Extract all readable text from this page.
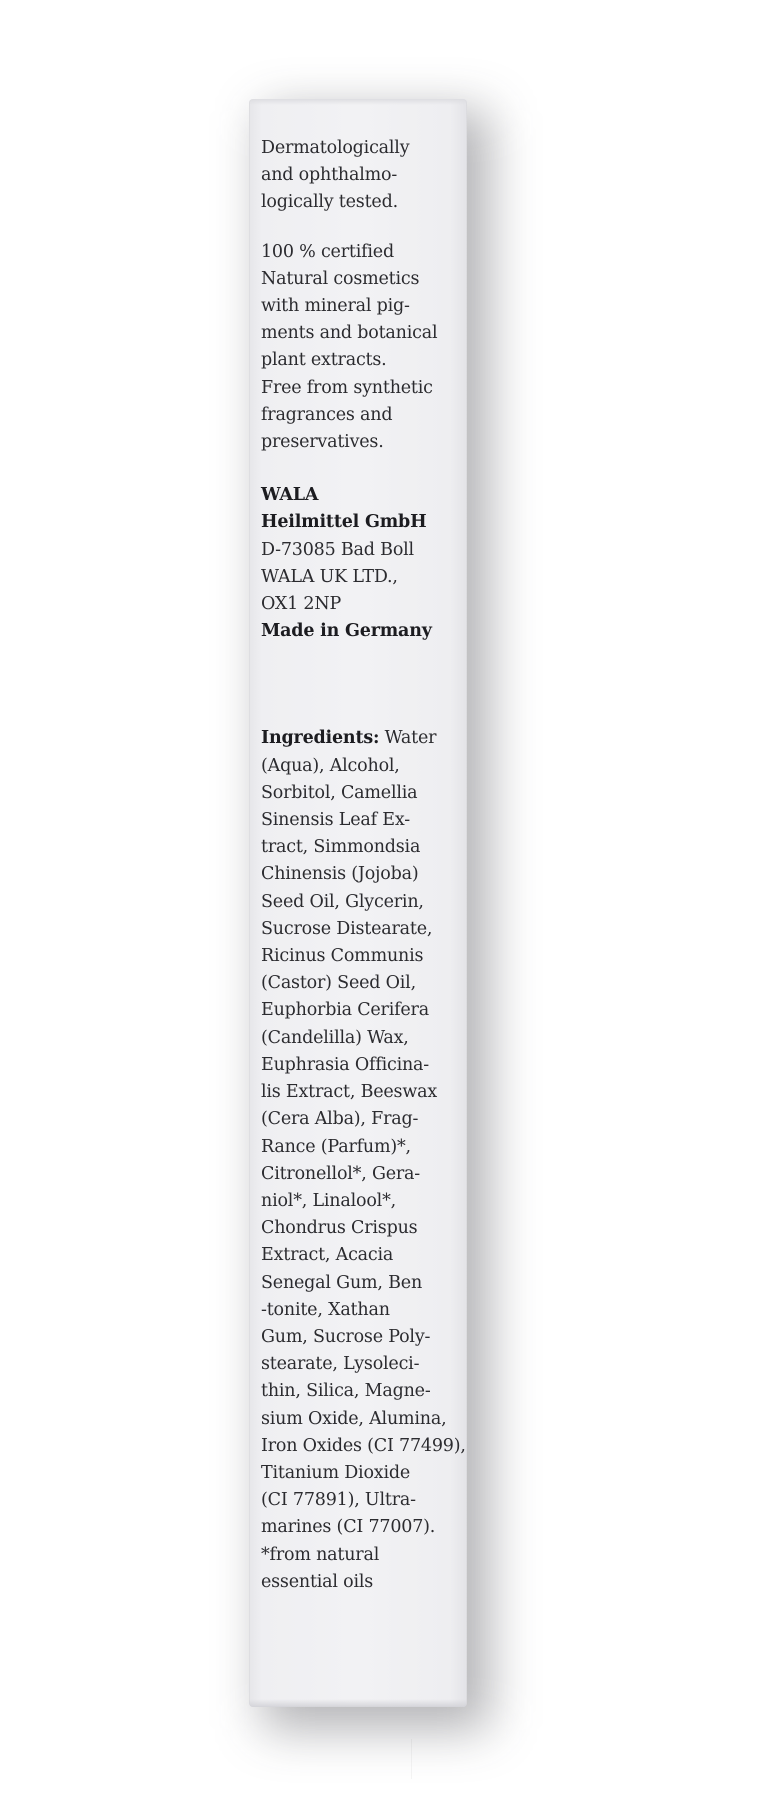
Dermatologically
and ophthalmo-
logically tested.

100 % certified
Natural cosmetics
with mineral pig-
ments and botanical
plant extracts.
Free from synthetic
fragrances and
preservatives.

WALA
Heilmittel GmbH
D-73085 Bad Boll
WALA UK LTD.,
OX1 2NP
Made in Germany

Ingredients: Water
(Aqua), Alcohol,
Sorbitol, Camellia
Sinensis Leaf Ex-
tract, Simmondsia
Chinensis (Jojoba)
Seed Oil, Glycerin,
Sucrose Distearate,
Ricinus Communis
(Castor) Seed Oil,
Euphorbia Cerifera
(Candelilla) Wax,
Euphrasia Officina-
lis Extract, Beeswax
(Cera Alba), Frag-
Rance (Parfum)*,
Citronellol*, Gera-
niol*, Linalool*,
Chondrus Crispus
Extract, Acacia
Senegal Gum, Ben
-tonite, Xathan
Gum, Sucrose Poly-
stearate, Lysoleci-
thin, Silica, Magne-
sium Oxide, Alumina,
Iron Oxides (CI 77499),
Titanium Dioxide
(CI 77891), Ultra-
marines (CI 77007).
*from natural
essential oils
